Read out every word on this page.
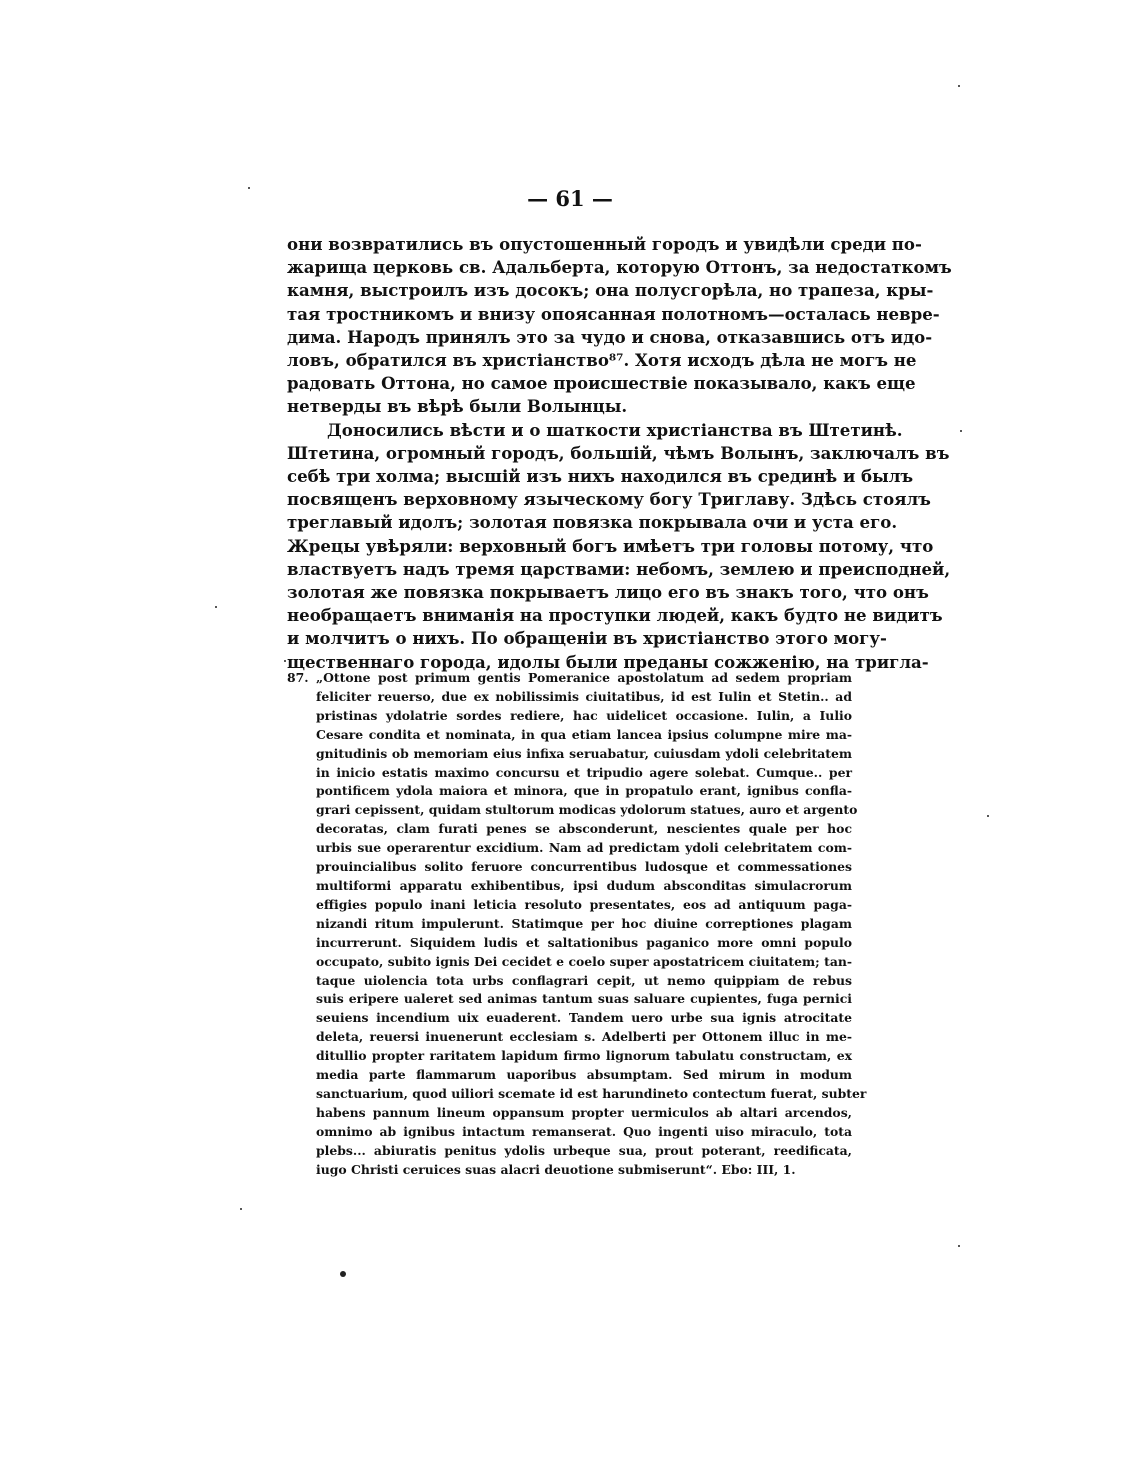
— 61 —
они возвратились въ опустошенный городъ и увидѣли среди по-
жарища церковь св. Адальберта, которую Оттонъ, за недостаткомъ
камня, выстроилъ изъ досокъ; она полусгорѣла, но трапеза, кры-
тая тростникомъ и внизу опоясанная полотномъ—осталась невре-
дима. Народъ принялъ это за чудо и снова, отказавшись отъ идо-
ловъ, обратился въ христіанство⁸⁷. Хотя исходъ дѣла не могъ не
радовать Оттона, но самое происшествіе показывало, какъ еще
нетверды въ вѣрѣ были Волынцы.
Доносились вѣсти и о шаткости христіанства въ Штетинѣ.
Штетина, огромный городъ, большій, чѣмъ Волынъ, заключалъ въ
себѣ три холма; высшій изъ нихъ находился въ срединѣ и былъ
посвященъ верховному языческому богу Триглаву. Здѣсь стоялъ
треглавый идолъ; золотая повязка покрывала очи и уста его.
Жрецы увѣряли: верховный богъ имѣетъ три головы потому, что
властвуетъ надъ тремя царствами: небомъ, землею и преисподней,
золотая же повязка покрываетъ лицо его въ знакъ того, что онъ
необращаетъ вниманія на проступки людей, какъ будто не видитъ
и молчитъ о нихъ. По обращеніи въ христіанство этого могу-
щественнаго города, идолы были преданы сожженію, на тригла-
87. „Ottone post primum gentis Pomeranice apostolatum ad sedem propriam
feliciter reuerso, due ex nobilissimis ciuitatibus, id est Iulin et Stetin.. ad
pristinas ydolatrie sordes rediere, hac uidelicet occasione. Iulin, a Iulio
Cesare condita et nominata, in qua etiam lancea ipsius columpne mire ma-
gnitudinis ob memoriam eius infixa seruabatur, cuiusdam ydoli celebritatem
in inicio estatis maximo concursu et tripudio agere solebat. Cumque.. per
pontificem ydola maiora et minora, que in propatulo erant, ignibus confla-
grari cepissent, quidam stultorum modicas ydolorum statues, auro et argento
decoratas, clam furati penes se absconderunt, nescientes quale per hoc
urbis sue operarentur excidium. Nam ad predictam ydoli celebritatem com-
prouincialibus solito feruore concurrentibus ludosque et commessationes
multiformi apparatu exhibentibus, ipsi dudum absconditas simulacrorum
effigies populo inani leticia resoluto presentates, eos ad antiquum paga-
nizandi ritum impulerunt. Statimque per hoc diuine correptiones plagam
incurrerunt. Siquidem ludis et saltationibus paganico more omni populo
occupato, subito ignis Dei cecidet e coelo super apostatricem ciuitatem; tan-
taque uiolencia tota urbs conflagrari cepit, ut nemo quippiam de rebus
suis eripere ualeret sed animas tantum suas saluare cupientes, fuga pernici
seuiens incendium uix euaderent. Tandem uero urbe sua ignis atrocitate
deleta, reuersi inuenerunt ecclesiam s. Adelberti per Ottonem illuc in me-
ditullio propter raritatem lapidum firmo lignorum tabulatu constructam, ex
media parte flammarum uaporibus absumptam. Sed mirum in modum
sanctuarium, quod uiliori scemate id est harundineto contectum fuerat, subter
habens pannum lineum oppansum propter uermiculos ab altari arcendos,
omnimo ab ignibus intactum remanserat. Quo ingenti uiso miraculo, tota
plebs... abiuratis penitus ydolis urbeque sua, prout poterant, reedificata,
iugo Christi ceruices suas alacri deuotione submiserunt“. Ebo: III, 1.
